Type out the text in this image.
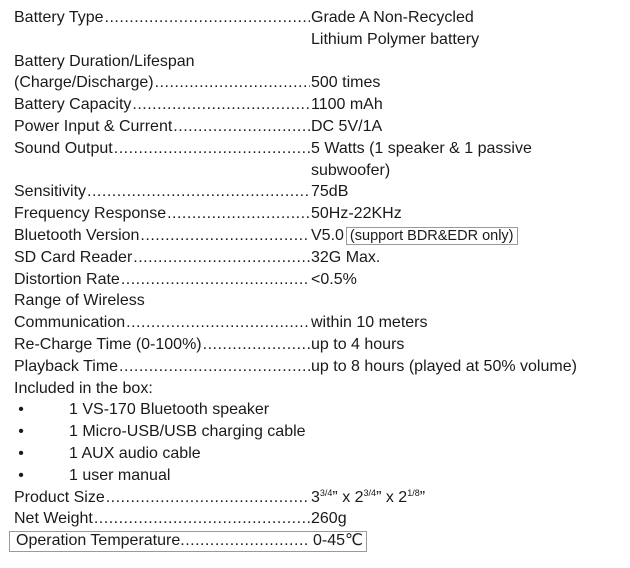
Battery Type .....	Grade A Non-Recycled
Lithium Polymer battery
Battery Duration/Lifespan
(Charge/Discharge) .....	500 times
Battery Capacity .....	1100 mAh
Power Input & Current .....	DC 5V/1A
Sound Output .....	5 Watts (1 speaker & 1 passive
subwoofer)
Sensitivity .....	75dB
Frequency Response .....	50Hz-22KHz
Bluetooth Version .....	V5.0 (support BDR&EDR only)
SD Card Reader .....	32G Max.
Distortion Rate .....	<0.5%
Range of Wireless
Communication .....	within 10 meters
Re-Charge Time (0-100%) .....	up to 4 hours
Playback Time .....	up to 8 hours (played at 50% volume)
Included in the box:
•	1 VS-170 Bluetooth speaker
•	1 Micro-USB/USB charging cable
•	1 AUX audio cable
•	1 user manual
Product Size .....	$3^{3/4}$” x $2^{3/4}$” x $2^{1/8}$”
Net Weight .....	260g
Operation Temperature .....	0-45℃
